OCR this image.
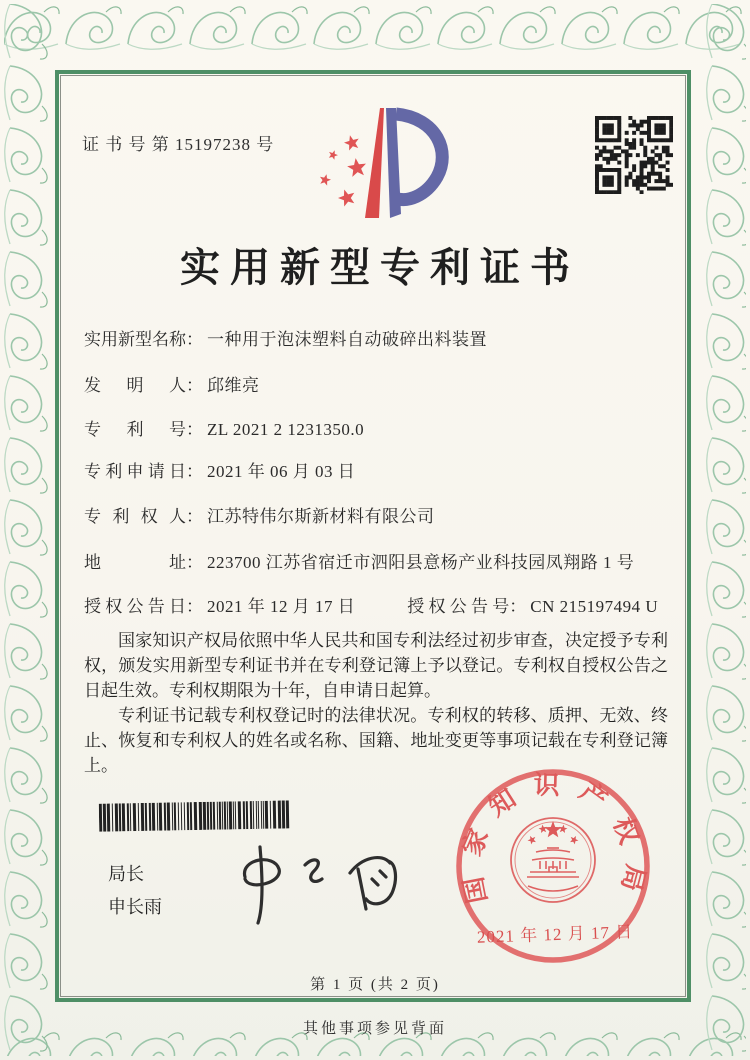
证 书 号 第 15197238 号
实用新型专利证书
实用新型名称： 一种用于泡沫塑料自动破碎出料装置
发明人： 邱维亮
专利号： ZL 2021 2 1231350.0
专利申请日： 2021 年 06 月 03 日
专利权人： 江苏特伟尔斯新材料有限公司
地址： 223700 江苏省宿迁市泗阳县意杨产业科技园凤翔路 1 号
授权公告日： 2021 年 12 月 17 日	授权公告号： CN 215197494 U

国家知识产权局依照中华人民共和国专利法经过初步审查，决定授予专利权，颁发实用新型专利证书并在专利登记簿上予以登记。专利权自授权公告之日起生效。专利权期限为十年，自申请日起算。

专利证书记载专利权登记时的法律状况。专利权的转移、质押、无效、终止、恢复和专利权人的姓名或名称、国籍、地址变更等事项记载在专利登记簿上。

局长
申长雨
国家知识产权局
2021 年 12 月 17 日
第 1 页 (共 2 页)
其他事项参见背面
